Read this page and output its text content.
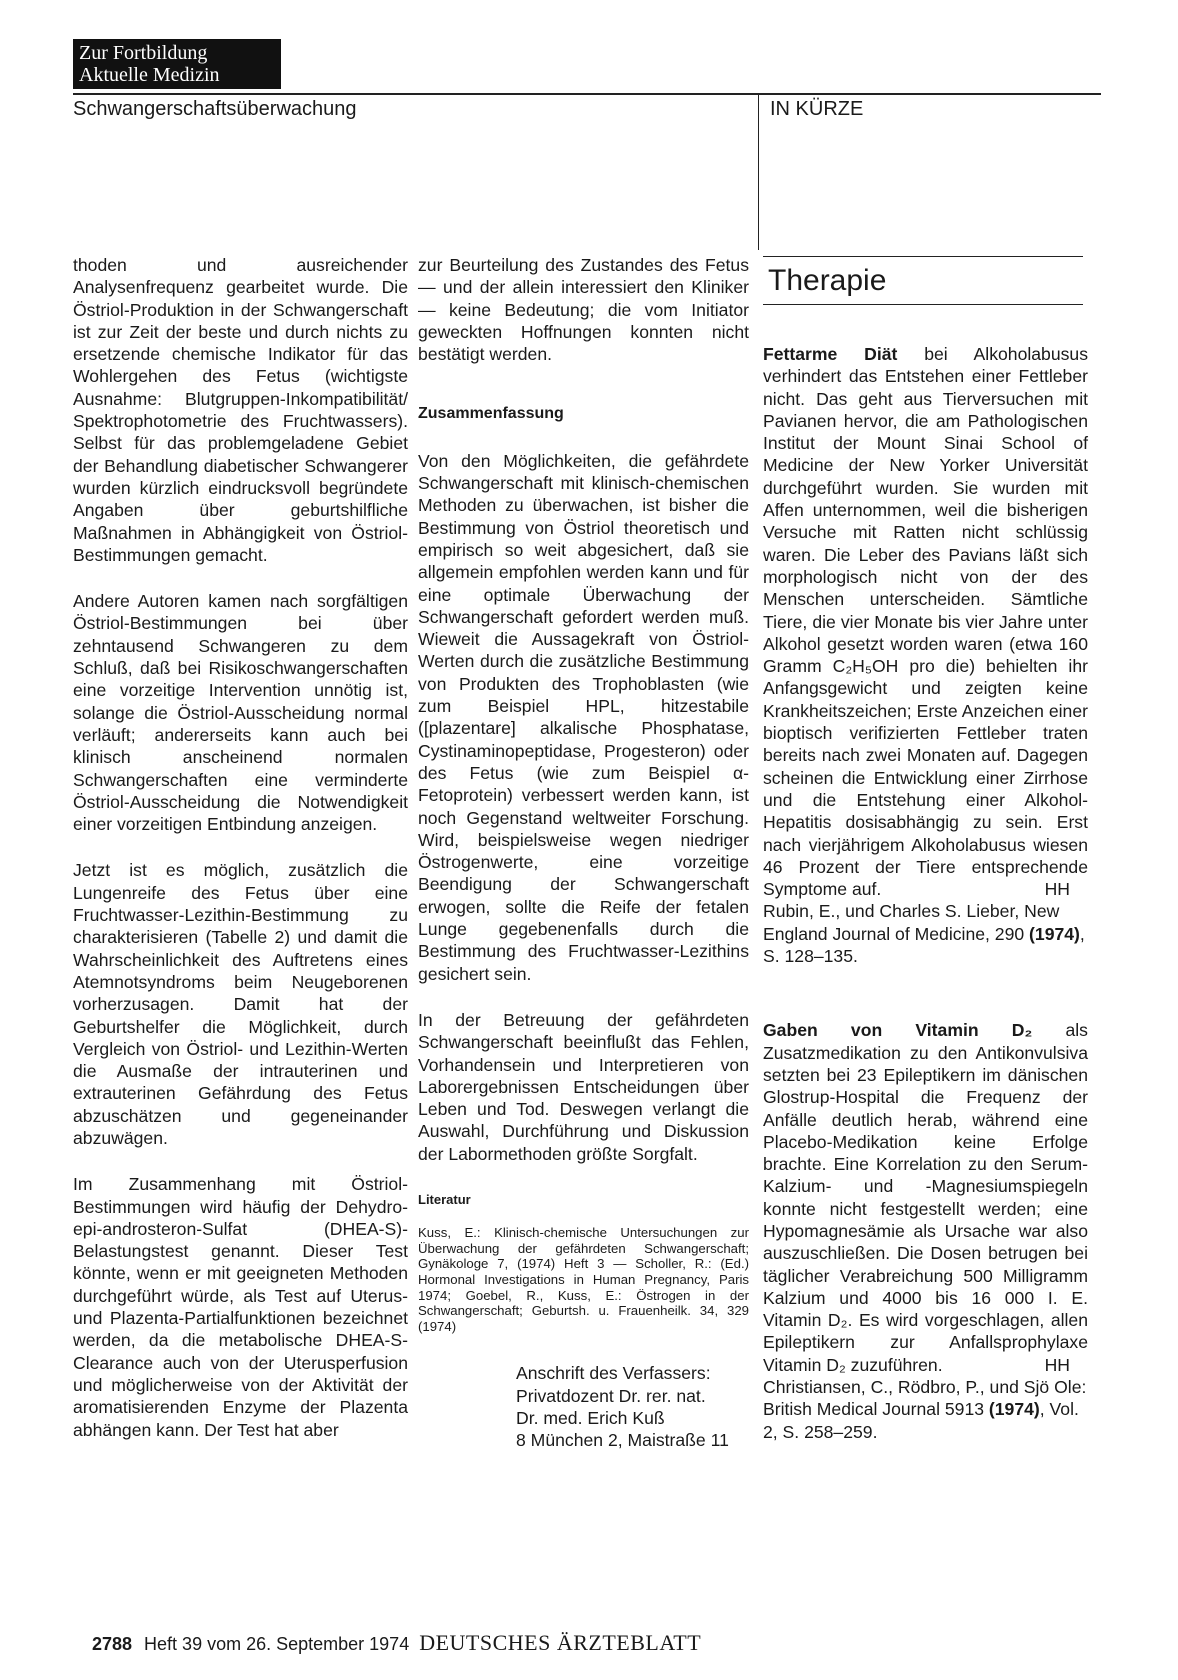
Zur Fortbildung
Aktuelle Medizin
Schwangerschaftsüberwachung	IN KÜRZE

thoden und ausreichender Analysenfrequenz gearbeitet wurde. Die Östriol-Produktion in der Schwangerschaft ist zur Zeit der beste und durch nichts zu ersetzende chemische Indikator für das Wohlergehen des Fetus (wichtigste Ausnahme: Blutgruppen-Inkompatibilität/ Spektrophotometrie des Fruchtwassers). Selbst für das problemgeladene Gebiet der Behandlung diabetischer Schwangerer wurden kürzlich eindrucksvoll begründete Angaben über geburtshilfliche Maßnahmen in Abhängigkeit von Östriol-Bestimmungen gemacht.

Andere Autoren kamen nach sorgfältigen Östriol-Bestimmungen bei über zehntausend Schwangeren zu dem Schluß, daß bei Risikoschwangerschaften eine vorzeitige Intervention unnötig ist, solange die Östriol-Ausscheidung normal verläuft; andererseits kann auch bei klinisch anscheinend normalen Schwangerschaften eine verminderte Östriol-Ausscheidung die Notwendigkeit einer vorzeitigen Entbindung anzeigen.

Jetzt ist es möglich, zusätzlich die Lungenreife des Fetus über eine Fruchtwasser-Lezithin-Bestimmung zu charakterisieren (Tabelle 2) und damit die Wahrscheinlichkeit des Auftretens eines Atemnotsyndroms beim Neugeborenen vorherzusagen. Damit hat der Geburtshelfer die Möglichkeit, durch Vergleich von Östriol- und Lezithin-Werten die Ausmaße der intrauterinen und extrauterinen Gefährdung des Fetus abzuschätzen und gegeneinander abzuwägen.

Im Zusammenhang mit Östriol-Bestimmungen wird häufig der Dehydro-epi-androsteron-Sulfat (DHEA-S)-Belastungstest genannt. Dieser Test könnte, wenn er mit geeigneten Methoden durchgeführt würde, als Test auf Uterus- und Plazenta-Partialfunktionen bezeichnet werden, da die metabolische DHEA-S-Clearance auch von der Uterusperfusion und möglicherweise von der Aktivität der aromatisierenden Enzyme der Plazenta abhängen kann. Der Test hat aber

zur Beurteilung des Zustandes des Fetus — und der allein interessiert den Kliniker — keine Bedeutung; die vom Initiator geweckten Hoffnungen konnten nicht bestätigt werden.

Zusammenfassung

Von den Möglichkeiten, die gefährdete Schwangerschaft mit klinisch-chemischen Methoden zu überwachen, ist bisher die Bestimmung von Östriol theoretisch und empirisch so weit abgesichert, daß sie allgemein empfohlen werden kann und für eine optimale Überwachung der Schwangerschaft gefordert werden muß. Wieweit die Aussagekraft von Östriol-Werten durch die zusätzliche Bestimmung von Produkten des Trophoblasten (wie zum Beispiel HPL, hitzestabile ([plazentare] alkalische Phosphatase, Cystinaminopeptidase, Progesteron) oder des Fetus (wie zum Beispiel α-Fetoprotein) verbessert werden kann, ist noch Gegenstand weltweiter Forschung. Wird, beispielsweise wegen niedriger Östrogenwerte, eine vorzeitige Beendigung der Schwangerschaft erwogen, sollte die Reife der fetalen Lunge gegebenenfalls durch die Bestimmung des Fruchtwasser-Lezithins gesichert sein.

In der Betreuung der gefährdeten Schwangerschaft beeinflußt das Fehlen, Vorhandensein und Interpretieren von Laborergebnissen Entscheidungen über Leben und Tod. Deswegen verlangt die Auswahl, Durchführung und Diskussion der Labormethoden größte Sorgfalt.

Literatur
Kuss, E.: Klinisch-chemische Untersuchungen zur Überwachung der gefährdeten Schwangerschaft; Gynäkologe 7, (1974) Heft 3 — Scholler, R.: (Ed.) Hormonal Investigations in Human Pregnancy, Paris 1974; Goebel, R., Kuss, E.: Östrogen in der Schwangerschaft; Geburtsh. u. Frauenheilk. 34, 329 (1974)
Anschrift des Verfassers:
Privatdozent Dr. rer. nat.
Dr. med. Erich Kuß
8 München 2, Maistraße 11
Therapie

Fettarme Diät bei Alkoholabusus verhindert das Entstehen einer Fettleber nicht. Das geht aus Tierversuchen mit Pavianen hervor, die am Pathologischen Institut der Mount Sinai School of Medicine der New Yorker Universität durchgeführt wurden. Sie wurden mit Affen unternommen, weil die bisherigen Versuche mit Ratten nicht schlüssig waren. Die Leber des Pavians läßt sich morphologisch nicht von der des Menschen unterscheiden. Sämtliche Tiere, die vier Monate bis vier Jahre unter Alkohol gesetzt worden waren (etwa 160 Gramm C₂H₅OH pro die) behielten ihr Anfangsgewicht und zeigten keine Krankheitszeichen; Erste Anzeichen einer bioptisch verifizierten Fettleber traten bereits nach zwei Monaten auf. Dagegen scheinen die Entwicklung einer Zirrhose und die Entstehung einer Alkohol-Hepatitis dosisabhängig zu sein. Erst nach vierjährigem Alkoholabusus wiesen 46 Prozent der Tiere entsprechende Symptome auf.	HH

Rubin, E., und Charles S. Lieber, New England Journal of Medicine, 290 (1974), S. 128–135.

Gaben von Vitamin D₂ als Zusatzmedikation zu den Antikonvulsiva setzten bei 23 Epileptikern im dänischen Glostrup-Hospital die Frequenz der Anfälle deutlich herab, während eine Placebo-Medikation keine Erfolge brachte. Eine Korrelation zu den Serum-Kalzium- und -Magnesiumspiegeln konnte nicht festgestellt werden; eine Hypomagnesämie als Ursache war also auszuschließen. Die Dosen betrugen bei täglicher Verabreichung 500 Milligramm Kalzium und 4000 bis 16 000 I. E. Vitamin D₂. Es wird vorgeschlagen, allen Epileptikern zur Anfallsprophylaxe Vitamin D₂ zuzuführen.	HH

Christiansen, C., Rödbro, P., und Sjö Ole: British Medical Journal 5913 (1974), Vol. 2, S. 258–259.

2788 Heft 39 vom 26. September 1974 DEUTSCHES ÄRZTEBLATT
